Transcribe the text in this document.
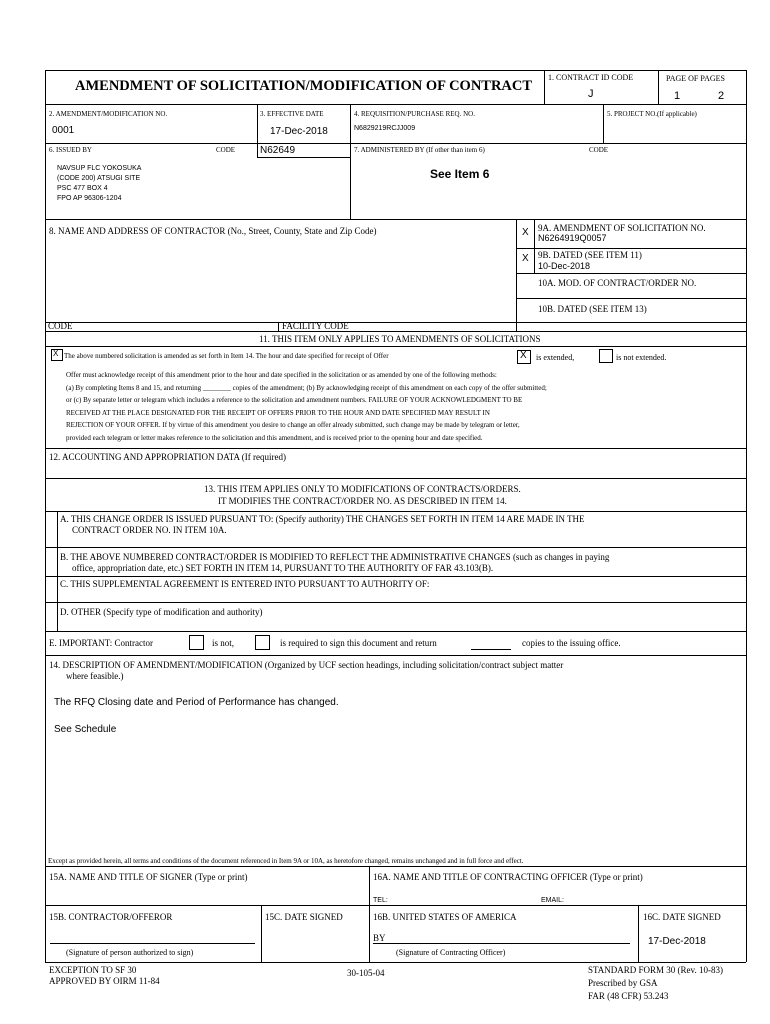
AMENDMENT OF SOLICITATION/MODIFICATION OF CONTRACT
1. CONTRACT ID CODE
J
PAGE OF PAGES
1	2
2. AMENDMENT/MODIFICATION NO.
0001
3. EFFECTIVE DATE
17-Dec-2018
4. REQUISITION/PURCHASE REQ. NO.
N6829219RCJJ009
5. PROJECT NO.(If applicable)
6. ISSUED BY	CODE N62649
NAVSUP FLC YOKOSUKA
(CODE 200) ATSUGI SITE
PSC 477 BOX 4
FPO AP 96306-1204
7. ADMINISTERED BY (If other than item 6)	CODE
See Item 6
8. NAME AND ADDRESS OF CONTRACTOR (No., Street, County, State and Zip Code)	X 9A. AMENDMENT OF SOLICITATION NO.
N6264919Q0057
X 9B. DATED (SEE ITEM 11)
10-Dec-2018
10A. MOD. OF CONTRACT/ORDER NO.
10B. DATED (SEE ITEM 13)
CODE	FACILITY CODE
11. THIS ITEM ONLY APPLIES TO AMENDMENTS OF SOLICITATIONS
X The above numbered solicitation is amended as set forth in Item 14. The hour and date specified for receipt of Offer	X is extended,	is not extended.
Offer must acknowledge receipt of this amendment prior to the hour and date specified in the solicitation or as amended by one of the following methods:
(a) By completing Items 8 and 15, and returning ________ copies of the amendment; (b) By acknowledging receipt of this amendment on each copy of the offer submitted;
or (c) By separate letter or telegram which includes a reference to the solicitation and amendment numbers. FAILURE OF YOUR ACKNOWLEDGMENT TO BE
RECEIVED AT THE PLACE DESIGNATED FOR THE RECEIPT OF OFFERS PRIOR TO THE HOUR AND DATE SPECIFIED MAY RESULT IN
REJECTION OF YOUR OFFER. If by virtue of this amendment you desire to change an offer already submitted, such change may be made by telegram or letter,
provided each telegram or letter makes reference to the solicitation and this amendment, and is received prior to the opening hour and date specified.
12. ACCOUNTING AND APPROPRIATION DATA (If required)
13. THIS ITEM APPLIES ONLY TO MODIFICATIONS OF CONTRACTS/ORDERS.
IT MODIFIES THE CONTRACT/ORDER NO. AS DESCRIBED IN ITEM 14.
A. THIS CHANGE ORDER IS ISSUED PURSUANT TO: (Specify authority) THE CHANGES SET FORTH IN ITEM 14 ARE MADE IN THE
CONTRACT ORDER NO. IN ITEM 10A.
B. THE ABOVE NUMBERED CONTRACT/ORDER IS MODIFIED TO REFLECT THE ADMINISTRATIVE CHANGES (such as changes in paying
office, appropriation date, etc.) SET FORTH IN ITEM 14, PURSUANT TO THE AUTHORITY OF FAR 43.103(B).
C. THIS SUPPLEMENTAL AGREEMENT IS ENTERED INTO PURSUANT TO AUTHORITY OF:
D. OTHER (Specify type of modification and authority)
E. IMPORTANT: Contractor	is not,	is required to sign this document and return	copies to the issuing office.
14. DESCRIPTION OF AMENDMENT/MODIFICATION (Organized by UCF section headings, including solicitation/contract subject matter
where feasible.)
The RFQ Closing date and Period of Performance has changed.
See Schedule
Except as provided herein, all terms and conditions of the document referenced in Item 9A or 10A, as heretofore changed, remains unchanged and in full force and effect.
15A. NAME AND TITLE OF SIGNER (Type or print)	16A. NAME AND TITLE OF CONTRACTING OFFICER (Type or print)
TEL:	EMAIL:
15B. CONTRACTOR/OFFEROR	15C. DATE SIGNED	16B. UNITED STATES OF AMERICA	16C. DATE SIGNED
(Signature of person authorized to sign)
BY
(Signature of Contracting Officer)
17-Dec-2018
EXCEPTION TO SF 30
APPROVED BY OIRM 11-84
30-105-04	STANDARD FORM 30 (Rev. 10-83)
Prescribed by GSA
FAR (48 CFR) 53.243
